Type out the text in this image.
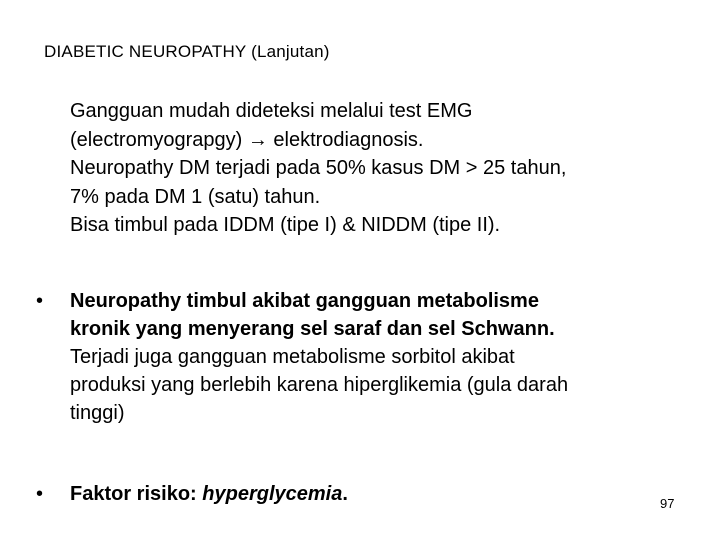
DIABETIC NEUROPATHY (Lanjutan)
Gangguan mudah dideteksi melalui test EMG
(electromyograpgy) → elektrodiagnosis.
Neuropathy DM terjadi pada 50% kasus DM > 25 tahun,
7% pada DM 1 (satu) tahun.
Bisa timbul pada IDDM (tipe I) & NIDDM (tipe II).
•	Neuropathy timbul akibat gangguan metabolisme
kronik yang menyerang sel saraf dan sel Schwann.
Terjadi juga gangguan metabolisme sorbitol akibat
produksi yang berlebih karena hiperglikemia (gula darah
tinggi)
•	Faktor risiko: hyperglycemia.	97
